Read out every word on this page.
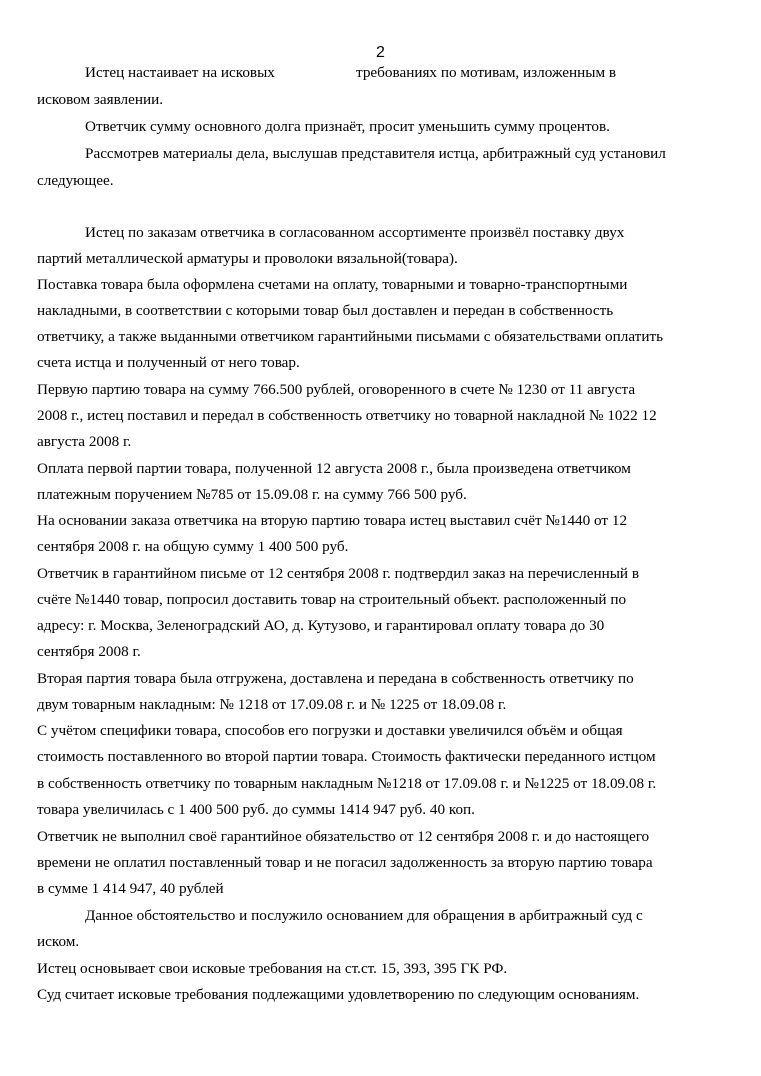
2
Истец настаивает на исковых	требованиях по мотивам, изложенным в
исковом заявлении.
Ответчик сумму основного долга признаёт, просит уменьшить сумму процентов.
Рассмотрев материалы дела, выслушав представителя истца, арбитражный суд установил
следующее.
Истец по заказам ответчика в согласованном ассортименте произвёл поставку двух
партий металлической арматуры и проволоки вязальной(товара).
Поставка товара была оформлена счетами на оплату, товарными и товарно-транспортными
накладными, в соответствии с которыми товар был доставлен и передан в собственность
ответчику, а также выданными ответчиком гарантийными письмами с обязательствами оплатить
счета истца и полученный от него товар.
Первую партию товара на сумму 766.500 рублей, оговоренного в счете № 1230 от 11 августа
2008 г., истец поставил и передал в собственность ответчику но товарной накладной № 1022 12
августа 2008 г.
Оплата первой партии товара, полученной 12 августа 2008 г., была произведена ответчиком
платежным поручением №785 от 15.09.08 г. на сумму 766 500 руб.
На основании заказа ответчика на вторую партию товара истец выставил счёт №1440 от 12
сентября 2008 г. на общую сумму 1 400 500 руб.
Ответчик в гарантийном письме от 12 сентября 2008 г. подтвердил заказ на перечисленный в
счёте №1440 товар, попросил доставить товар на строительный объект. расположенный по
адресу: г. Москва, Зеленоградский АО, д. Кутузово, и гарантировал оплату товара до 30
сентября 2008 г.
Вторая партия товара была отгружена, доставлена и передана в собственность ответчику по
двум товарным накладным: № 1218 от 17.09.08 г. и № 1225 от 18.09.08 г.
С учётом специфики товара, способов его погрузки и доставки увеличился объём и общая
стоимость поставленного во второй партии товара. Стоимость фактически переданного истцом
в собственность ответчику по товарным накладным №1218 от 17.09.08 г. и №1225 от 18.09.08 г.
товара увеличилась с 1 400 500 руб. до суммы 1414 947 руб. 40 коп.
Ответчик не выполнил своё гарантийное обязательство от 12 сентября 2008 г. и до настоящего
времени не оплатил поставленный товар и не погасил задолженность за вторую партию товара
в сумме 1 414 947, 40 рублей
Данное обстоятельство и послужило основанием для обращения в арбитражный суд с
иском.
Истец основывает свои исковые требования на ст.ст. 15, 393, 395 ГК РФ.
Суд считает исковые требования подлежащими удовлетворению по следующим основаниям.
